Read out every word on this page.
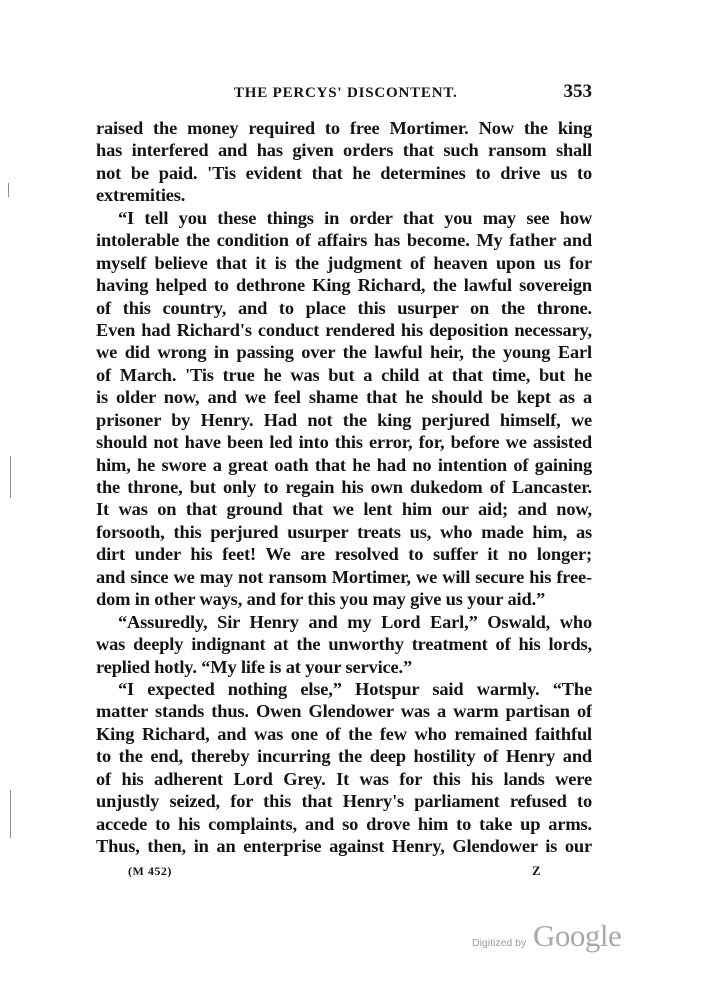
THE PERCYS' DISCONTENT.	353
raised the money required to free Mortimer. Now the king
has interfered and has given orders that such ransom shall
not be paid. 'Tis evident that he determines to drive us to
extremities.
“I tell you these things in order that you may see how
intolerable the condition of affairs has become. My father and
myself believe that it is the judgment of heaven upon us for
having helped to dethrone King Richard, the lawful sovereign
of this country, and to place this usurper on the throne.
Even had Richard's conduct rendered his deposition necessary,
we did wrong in passing over the lawful heir, the young Earl
of March. 'Tis true he was but a child at that time, but he
is older now, and we feel shame that he should be kept as a
prisoner by Henry. Had not the king perjured himself, we
should not have been led into this error, for, before we assisted
him, he swore a great oath that he had no intention of gaining
the throne, but only to regain his own dukedom of Lancaster.
It was on that ground that we lent him our aid; and now,
forsooth, this perjured usurper treats us, who made him, as
dirt under his feet! We are resolved to suffer it no longer;
and since we may not ransom Mortimer, we will secure his free-
dom in other ways, and for this you may give us your aid.”
“Assuredly, Sir Henry and my Lord Earl,” Oswald, who
was deeply indignant at the unworthy treatment of his lords,
replied hotly. “My life is at your service.”
“I expected nothing else,” Hotspur said warmly. “The
matter stands thus. Owen Glendower was a warm partisan of
King Richard, and was one of the few who remained faithful
to the end, thereby incurring the deep hostility of Henry and
of his adherent Lord Grey. It was for this his lands were
unjustly seized, for this that Henry's parliament refused to
accede to his complaints, and so drove him to take up arms.
Thus, then, in an enterprise against Henry, Glendower is our
(M 452)	Z
Digitized by Google
